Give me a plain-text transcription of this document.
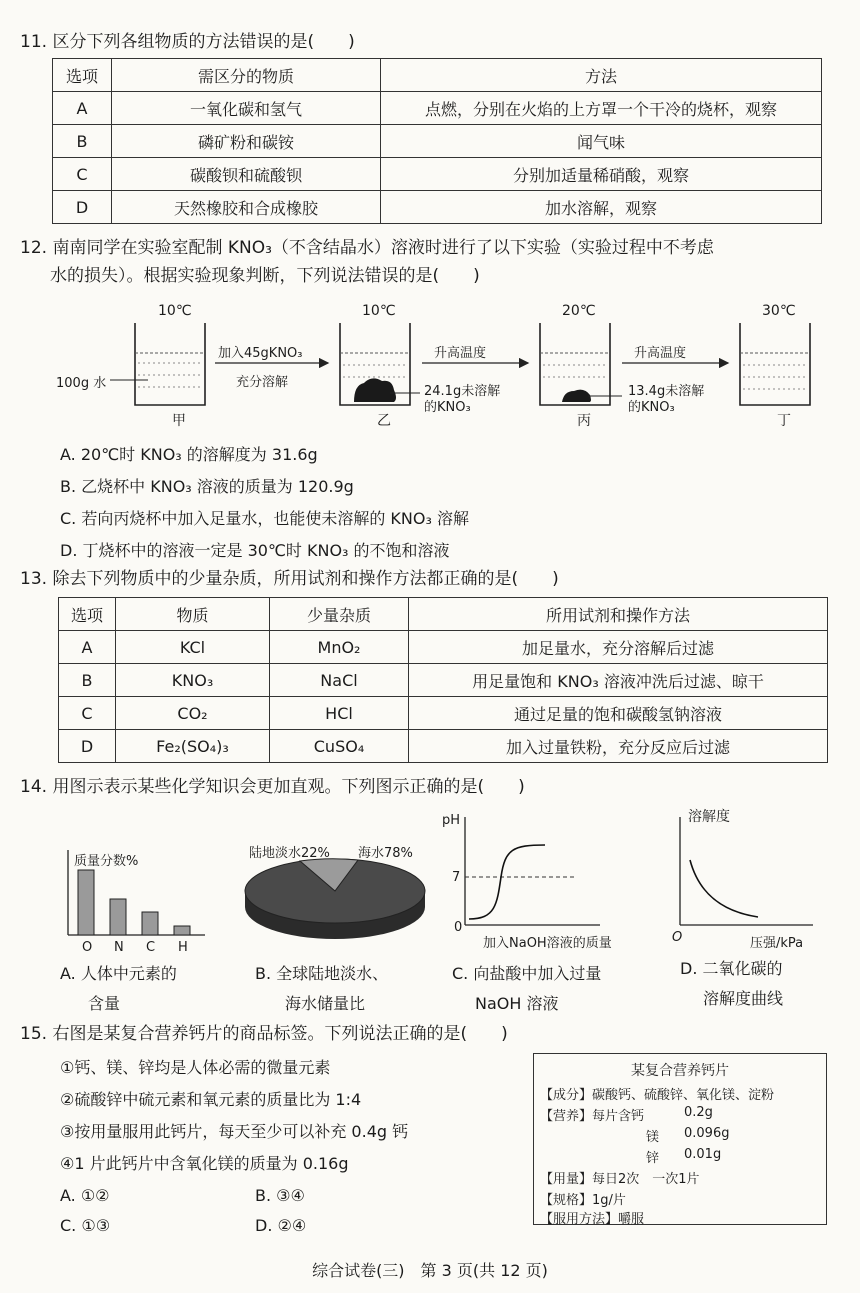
11. 区分下列各组物质的方法错误的是(　　)
选项	需区分的物质	方法
A	一氧化碳和氢气	点燃，分别在火焰的上方罩一个干冷的烧杯，观察
B	磷矿粉和碳铵	闻气味
C	碳酸钡和硫酸钡	分别加适量稀硝酸，观察
D	天然橡胶和合成橡胶	加水溶解，观察
12. 南南同学在实验室配制 KNO₃（不含结晶水）溶液时进行了以下实验（实验过程中不考虑
水的损失）。根据实验现象判断，下列说法错误的是(　　)
10℃	10℃	20℃	30℃
甲	乙	丙	丁
100g 水
加入45gKNO₃
充分溶解
升高温度	升高温度
24.1g未溶解
的KNO₃
13.4g未溶解
的KNO₃
A. 20℃时 KNO₃ 的溶解度为 31.6g
B. 乙烧杯中 KNO₃ 溶液的质量为 120.9g
C. 若向丙烧杯中加入足量水，也能使未溶解的 KNO₃ 溶解
D. 丁烧杯中的溶液一定是 30℃时 KNO₃ 的不饱和溶液
13. 除去下列物质中的少量杂质，所用试剂和操作方法都正确的是(　　)
选项	物质	少量杂质	所用试剂和操作方法
A	KCl	MnO₂	加足量水，充分溶解后过滤
B	KNO₃	NaCl	用足量饱和 KNO₃ 溶液冲洗后过滤、晾干
C	CO₂	HCl	通过足量的饱和碳酸氢钠溶液
D	Fe₂(SO₄)₃	CuSO₄	加入过量铁粉，充分反应后过滤
14. 用图示表示某些化学知识会更加直观。下列图示正确的是(　　)
质量分数%
O N C H
A. 人体中元素的
含量
陆地淡水22% 海水78%
B. 全球陆地淡水、
海水储量比
pH
7
0
加入NaOH溶液的质量
C. 向盐酸中加入过量
NaOH 溶液
溶解度
O	压强/kPa
D. 二氧化碳的
溶解度曲线
15. 右图是某复合营养钙片的商品标签。下列说法正确的是(　　)
①钙、镁、锌均是人体必需的微量元素
②硫酸锌中硫元素和氧元素的质量比为 1:4
③按用量服用此钙片，每天至少可以补充 0.4g 钙
④1 片此钙片中含氧化镁的质量为 0.16g
A. ①②	B. ③④
C. ①③	D. ②④
某复合营养钙片
【成分】碳酸钙、硫酸锌、氧化镁、淀粉
【营养】每片含钙	0.2g
镁 0.096g
锌 0.01g
【用量】每日2次　一次1片
【规格】1g/片
【服用方法】嚼服
综合试卷(三)　第 3 页(共 12 页)
